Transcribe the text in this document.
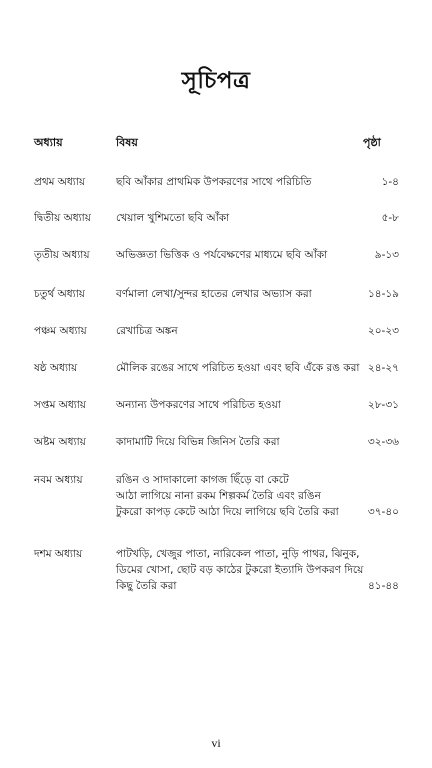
সূচিপত্র
অধ্যায়	বিষয়	পৃষ্ঠা
প্রথম অধ্যায়	ছবি আঁকার প্রাথমিক উপকরণের সাথে পরিচিতি	১-৪
দ্বিতীয় অধ্যায় খেয়াল খুশিমতো ছবি আঁকা	৫-৮
তৃতীয় অধ্যায়	অভিজ্ঞতা ভিত্তিক ও পর্যবেক্ষণের মাধ্যমে ছবি আঁকা	৯-১৩
চতুর্থ অধ্যায়	বর্ণমালা লেখা/সুন্দর হাতের লেখার অভ্যাস করা	১৪-১৯
পঞ্চম অধ্যায়	রেখাচিত্র অঙ্কন	২০-২৩
ষষ্ঠ অধ্যায়	মৌলিক রঙের সাথে পরিচিত হওয়া এবং ছবি এঁকে রঙ করা ২৪-২৭
সপ্তম অধ্যায়	অন্যান্য উপকরণের সাথে পরিচিত হওয়া	২৮-৩১
অষ্টম অধ্যায়	কাদামাটি দিয়ে বিভিন্ন জিনিস তৈরি করা	৩২-৩৬
নবম অধ্যায়	রঙিন ও সাদাকালো কাগজ ছিঁড়ে বা কেটে
আঠা লাগিয়ে নানা রকম শিল্পকর্ম তৈরি এবং রঙিন
টুকরো কাপড় কেটে আঠা দিয়ে লাগিয়ে ছবি তৈরি করা	৩৭-৪০
দশম অধ্যায়	পাটখড়ি, খেজুর পাতা, নারিকেল পাতা, নুড়ি পাথর, ঝিনুক,
ডিমের খোসা, ছোট বড় কাঠের টুকরো ইত্যাদি উপকরণ দিয়ে
কিছু তৈরি করা	৪১-৪৪
vi
